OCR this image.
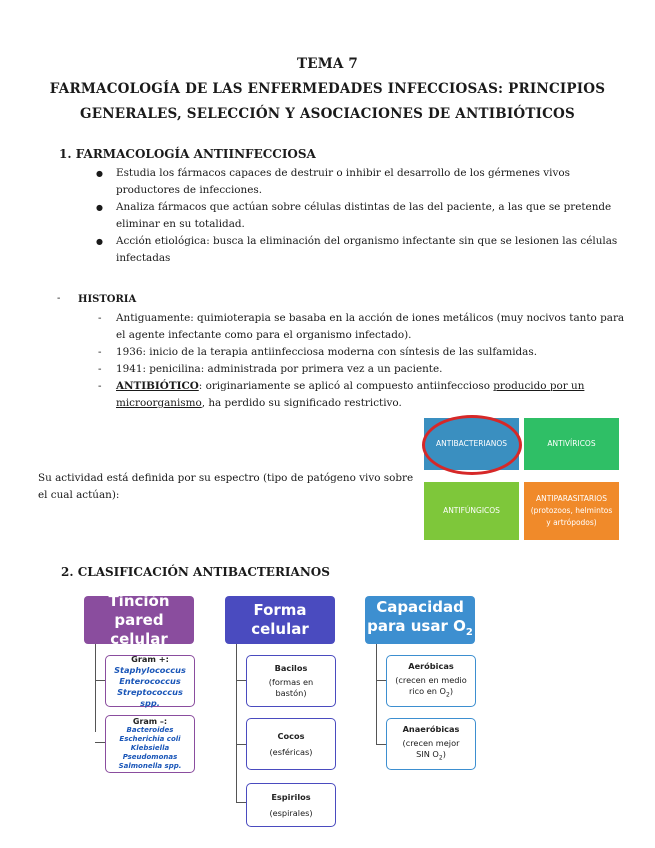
TEMA 7
FARMACOLOGÍA DE LAS ENFERMEDADES INFECCIOSAS: PRINCIPIOS
GENERALES, SELECCIÓN Y ASOCIACIONES DE ANTIBIÓTICOS
1. FARMACOLOGÍA ANTIINFECCIOSA
● Estudia los fármacos capaces de destruir o inhibir el desarrollo de los gérmenes vivos
productores de infecciones.
● Analiza fármacos que actúan sobre células distintas de las del paciente, a las que se pretende
eliminar en su totalidad.
● Acción etiológica: busca la eliminación del organismo infectante sin que se lesionen las células
infectadas
- HISTORIA
- Antiguamente: quimioterapia se basaba en la acción de iones metálicos (muy nocivos tanto para
el agente infectante como para el organismo infectado).
- 1936: inicio de la terapia antiinfecciosa moderna con síntesis de las sulfamidas.
- 1941: penicilina: administrada por primera vez a un paciente.
- ANTIBIÓTICO: originariamente se aplicó al compuesto antiinfeccioso producido por un
microorganismo, ha perdido su significado restrictivo.
Su actividad está definida por su espectro (tipo de patógeno vivo sobre
el cual actúan):
ANTIBACTERIANOS	ANTIVÍRICOS
ANTIFÚNGICOS
ANTIPARASITARIOS
(protozoos, helmintos
y artrópodos)
2. CLASIFICACIÓN ANTIBACTERIANOS
Tinción
pared celular
Gram +:
Staphylococcus
Enterococcus
Streptococcus spp.
Gram –:
Bacteroides
Escherichia coli
Klebsiella
Pseudomonas
Salmonella spp.
Forma
celular
Bacilos
(formas en
bastón)
Cocos
(esféricas)
Espirilos
(espirales)
Capacidad
para usar $O_2$
Aeróbicas
(crecen en medio
rico en $O_2$)
Anaeróbicas
(crecen mejor
SIN $O_2$)
